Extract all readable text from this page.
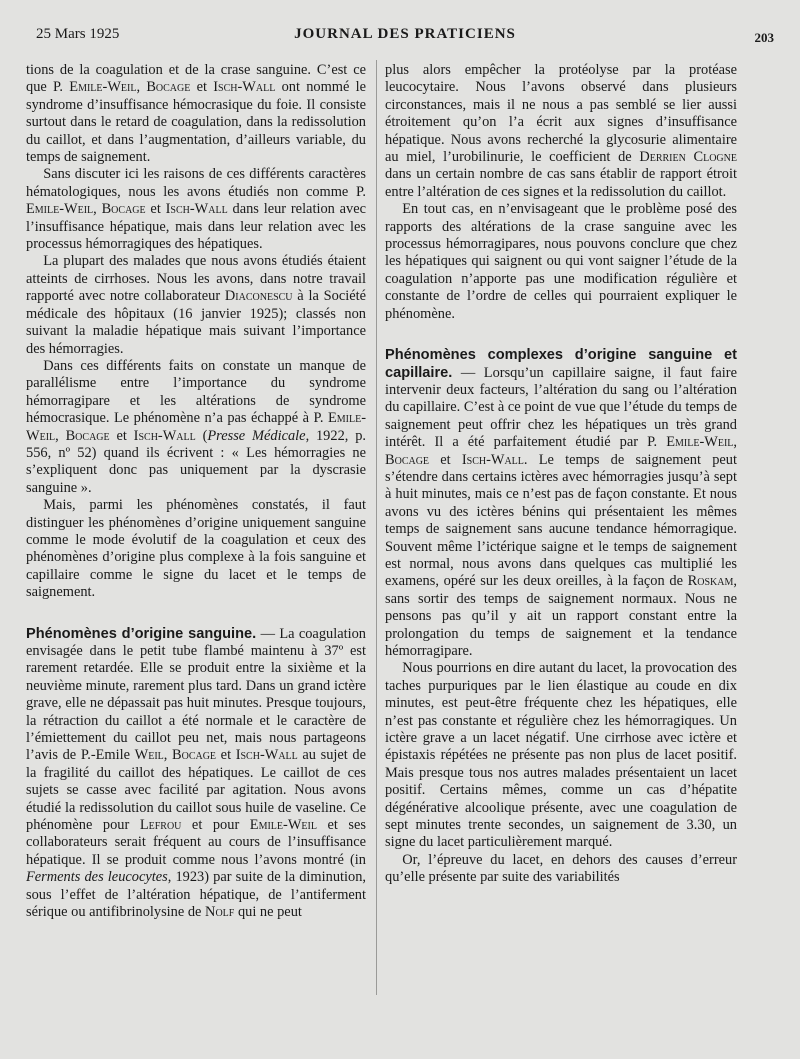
25 Mars 1925	JOURNAL DES PRATICIENS	203

tions de la coagulation et de la crase sanguine. C’est ce que P. Emile-Weil, Bocage et Isch-Wall ont nommé le syndrome d’insuffisance hémocrasique du foie. Il consiste surtout dans le retard de coagulation, dans la redissolution du caillot, et dans l’augmentation, d’ailleurs variable, du temps de saignement.

Sans discuter ici les raisons de ces différents caractères hématologiques, nous les avons étudiés non comme P. Emile-Weil, Bocage et Isch-Wall dans leur relation avec l’insuffisance hépatique, mais dans leur relation avec les processus hémorragiques des hépatiques.

La plupart des malades que nous avons étudiés étaient atteints de cirrhoses. Nous les avons, dans notre travail rapporté avec notre collaborateur Diaconescu à la Société médicale des hôpitaux (16 janvier 1925); classés non suivant la maladie hépatique mais suivant l’importance des hémorragies.

Dans ces différents faits on constate un manque de parallélisme entre l’importance du syndrome hémorragipare et les altérations de syndrome hémocrasique. Le phénomène n’a pas échappé à P. Emile-Weil, Bocage et Isch-Wall (Presse Médicale, 1922, p. 556, nº 52) quand ils écrivent : « Les hémorragies ne s’expliquent donc pas uniquement par la dyscrasie sanguine ».

Mais, parmi les phénomènes constatés, il faut distinguer les phénomènes d’origine uniquement sanguine comme le mode évolutif de la coagulation et ceux des phénomènes d’origine plus complexe à la fois sanguine et capillaire comme le signe du lacet et le temps de saignement.

Phénomènes d’origine sanguine. — La coagulation envisagée dans le petit tube flambé maintenu à 37º est rarement retardée. Elle se produit entre la sixième et la neuvième minute, rarement plus tard. Dans un grand ictère grave, elle ne dépassait pas huit minutes. Presque toujours, la rétraction du caillot a été normale et le caractère de l’émiettement du caillot peu net, mais nous partageons l’avis de P.-Emile Weil, Bocage et Isch-Wall au sujet de la fragilité du caillot des hépatiques. Le caillot de ces sujets se casse avec facilité par agitation. Nous avons étudié la redissolution du caillot sous huile de vaseline. Ce phénomène pour Lefrou et pour Emile-Weil et ses collaborateurs serait fréquent au cours de l’insuffisance hépatique. Il se produit comme nous l’avons montré (in Ferments des leucocytes, 1923) par suite de la diminution, sous l’effet de l’altération hépatique, de l’antiferment sérique ou antifibrinolysine de Nolf qui ne peut

plus alors empêcher la protéolyse par la protéase leucocytaire. Nous l’avons observé dans plusieurs circonstances, mais il ne nous a pas semblé se lier aussi étroitement qu’on l’a écrit aux signes d’insuffisance hépatique. Nous avons recherché la glycosurie alimentaire au miel, l’urobilinurie, le coefficient de Derrien Clogne dans un certain nombre de cas sans établir de rapport étroit entre l’altération de ces signes et la redissolution du caillot.

En tout cas, en n’envisageant que le problème posé des rapports des altérations de la crase sanguine avec les processus hémorragipares, nous pouvons conclure que chez les hépatiques qui saignent ou qui vont saigner l’étude de la coagulation n’apporte pas une modification régulière et constante de l’ordre de celles qui pourraient expliquer le phénomène.

Phénomènes complexes d’origine sanguine et capillaire. — Lorsqu’un capillaire saigne, il faut faire intervenir deux facteurs, l’altération du sang ou l’altération du capillaire. C’est à ce point de vue que l’étude du temps de saignement peut offrir chez les hépatiques un très grand intérêt. Il a été parfaitement étudié par P. Emile-Weil, Bocage et Isch-Wall. Le temps de saignement peut s’étendre dans certains ictères avec hémorragies jusqu’à sept à huit minutes, mais ce n’est pas de façon constante. Et nous avons vu des ictères bénins qui présentaient les mêmes temps de saignement sans aucune tendance hémorragique. Souvent même l’ictérique saigne et le temps de saignement est normal, nous avons dans quelques cas multiplié les examens, opéré sur les deux oreilles, à la façon de Roskam, sans sortir des temps de saignement normaux. Nous ne pensons pas qu’il y ait un rapport constant entre la prolongation du temps de saignement et la tendance hémorragipare.

Nous pourrions en dire autant du lacet, la provocation des taches purpuriques par le lien élastique au coude en dix minutes, est peut-être fréquente chez les hépatiques, elle n’est pas constante et régulière chez les hémorragiques. Un ictère grave a un lacet négatif. Une cirrhose avec ictère et épistaxis répétées ne présente pas non plus de lacet positif. Mais presque tous nos autres malades présentaient un lacet positif. Certains mêmes, comme un cas d’hépatite dégénérative alcoolique présente, avec une coagulation de sept minutes trente secondes, un saignement de 3.30, un signe du lacet particulièrement marqué.

Or, l’épreuve du lacet, en dehors des causes d’erreur qu’elle présente par suite des variabilités
